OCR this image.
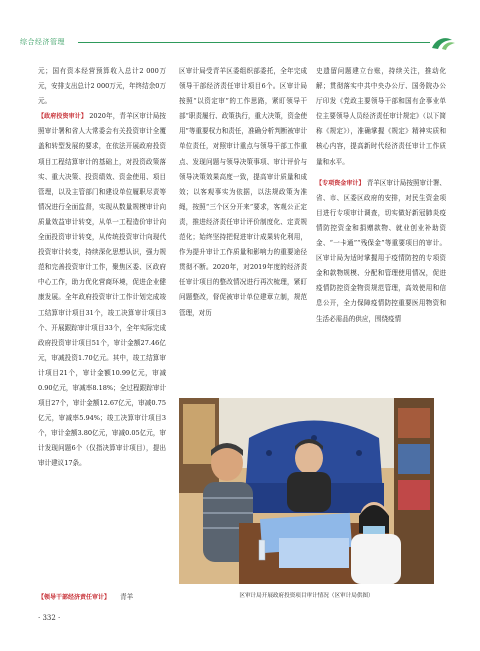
综合经济管理

元；国有资本经营预算收入总计2 000万元，安排支出总计2 000万元，年终结余0万元。

【政府投资审计】 2020年，青羊区审计局按照审计署和省人大常委会有关投资审计全覆盖和转型发展的要求，在依法开展政府投资项目工程结算审计的基础上，对投资政策落实、重大决策、投资绩效、资金使用、项目管理，以及主管部门和建设单位履职尽责等情况进行全面监督，实现从数量规模审计向质量效益审计转变，从单一工程造价审计向全面投资审计转变，从传统投资审计向现代投资审计转变，持续深化思想认识，强力规范和完善投资审计工作，聚焦区委、区政府中心工作，助力优化营商环境，促进企业健康发展。全年政府投资审计工作计划完成竣工结算审计项目31个，竣工决算审计项目3个、开展跟踪审计项目33个，全年实际完成政府投资审计项目51个，审计金额27.46亿元，审减投资1.70亿元。其中，竣工结算审计项目21个，审计金额10.99亿元，审减0.90亿元，审减率8.18%；全过程跟踪审计项目27个，审计金额12.67亿元，审减0.75亿元，审减率5.94%；竣工决算审计项目3个，审计金额3.80亿元，审减0.05亿元，审计发现问题6个（仅指决算审计项目），提出审计建议17条。

【领导干部经济责任审计】 青羊

区审计局受青羊区委组织部委托，全年完成领导干部经济责任审计项目6个。区审计局按照“以资定审”的工作思路，紧盯领导干部“职责履行、政策执行，重大决策，资金使用”等重要权力和责任，准确分析判断被审计单位责任，对照审计重点与领导干部工作重点、发现问题与领导决策事项、审计评价与领导决策效果高度一致，提高审计质量和成效；以客观事实为依据，以法规政策为准绳，按照“三个区分开来”要求，客观公正定责，推进经济责任审计评价制度化、定责规范化；始终坚持把促进审计成果转化利用，作为提升审计工作质量和影响力的重要途径贯彻不断。2020年，对2019年度的经济责任审计项目的整改情况进行再次梳理，紧盯问题整改，督促被审计单位建章立制，规范管理，对历

史遗留问题建立台账，持续关注，推动化解；贯彻落实中共中央办公厅、国务院办公厅印发《党政主要领导干部和国有企事业单位主要领导人员经济责任审计规定》（以下简称《规定》），准确掌握《规定》精神实质和核心内容，提高新时代经济责任审计工作质量和水平。

【专项资金审计】 青羊区审计局按照审计署、省、市、区委区政府的安排，对民生资金项目进行专项审计调查，切实做好新冠肺炎疫情防控资金和捐赠款物、就业创业补助资金、“一卡通”“残保金”等重要项目的审计。区审计局为适时掌握用于疫情防控的专项资金和款物规模、分配和管理使用情况，促进疫情防控资金物资规范管理，高效使用和信息公开，全力保障疫情防控重要医用物资和生活必需品的供应，围绕疫情

区审计局开展政府投资项目审计情况（区审计局供图）
· 332 ·
